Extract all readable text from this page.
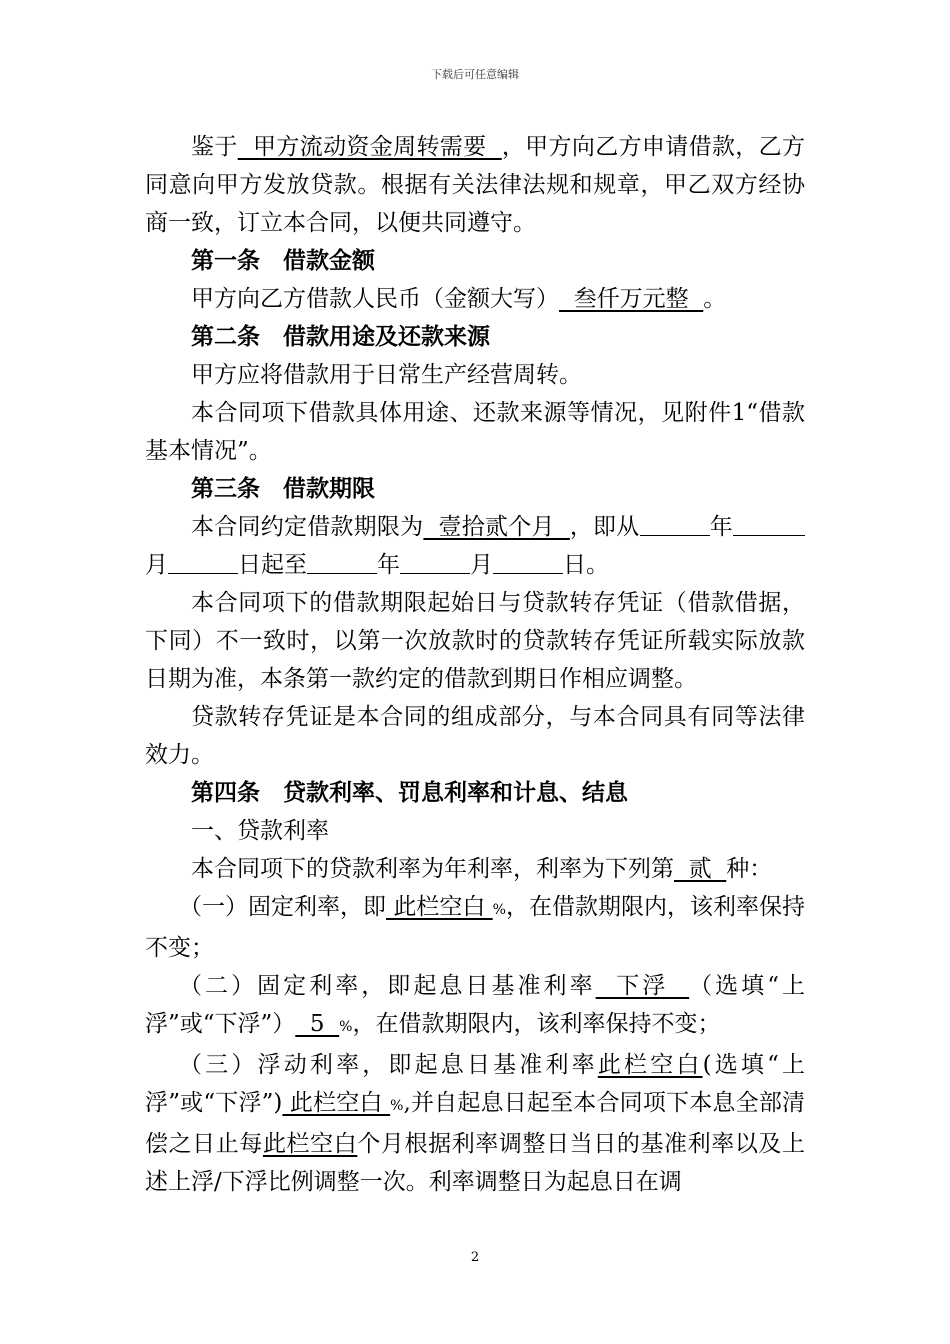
下载后可任意编辑

鉴于  甲方流动资金周转需要  ，甲方向乙方申请借款，乙方同意向甲方发放贷款。根据有关法律法规和规章，甲乙双方经协商一致，订立本合同，以便共同遵守。

第一条　借款金额

甲方向乙方借款人民币（金额大写）  叁仟万元整  。

第二条　借款用途及还款来源

甲方应将借款用于日常生产经营周转。

本合同项下借款具体用途、还款来源等情况，见附件1“借款基本情况”。

第三条　借款期限

本合同约定借款期限为  壹拾贰个月  ，即从	年月	日起至	年	月	日。

本合同项下的借款期限起始日与贷款转存凭证（借款借据，下同）不一致时，以第一次放款时的贷款转存凭证所载实际放款日期为准，本条第一款约定的借款到期日作相应调整。

贷款转存凭证是本合同的组成部分，与本合同具有同等法律效力。

第四条　贷款利率、罚息利率和计息、结息

一、贷款利率

本合同项下的贷款利率为年利率，利率为下列第  贰  种：

（一）固定利率，即 此栏空白 %，在借款期限内，该利率保持不变；

（二）固定利率，即起息日基准利率  下浮  （选填“上浮”或“下浮”）  5  %，在借款期限内，该利率保持不变；

（三）浮动利率，即起息日基准利率此栏空白(选填“上浮”或“下浮”) 此栏空白 %,并自起息日起至本合同项下本息全部清偿之日止每此栏空白个月根据利率调整日当日的基准利率以及上述上浮/下浮比例调整一次。利率调整日为起息日在调

2
